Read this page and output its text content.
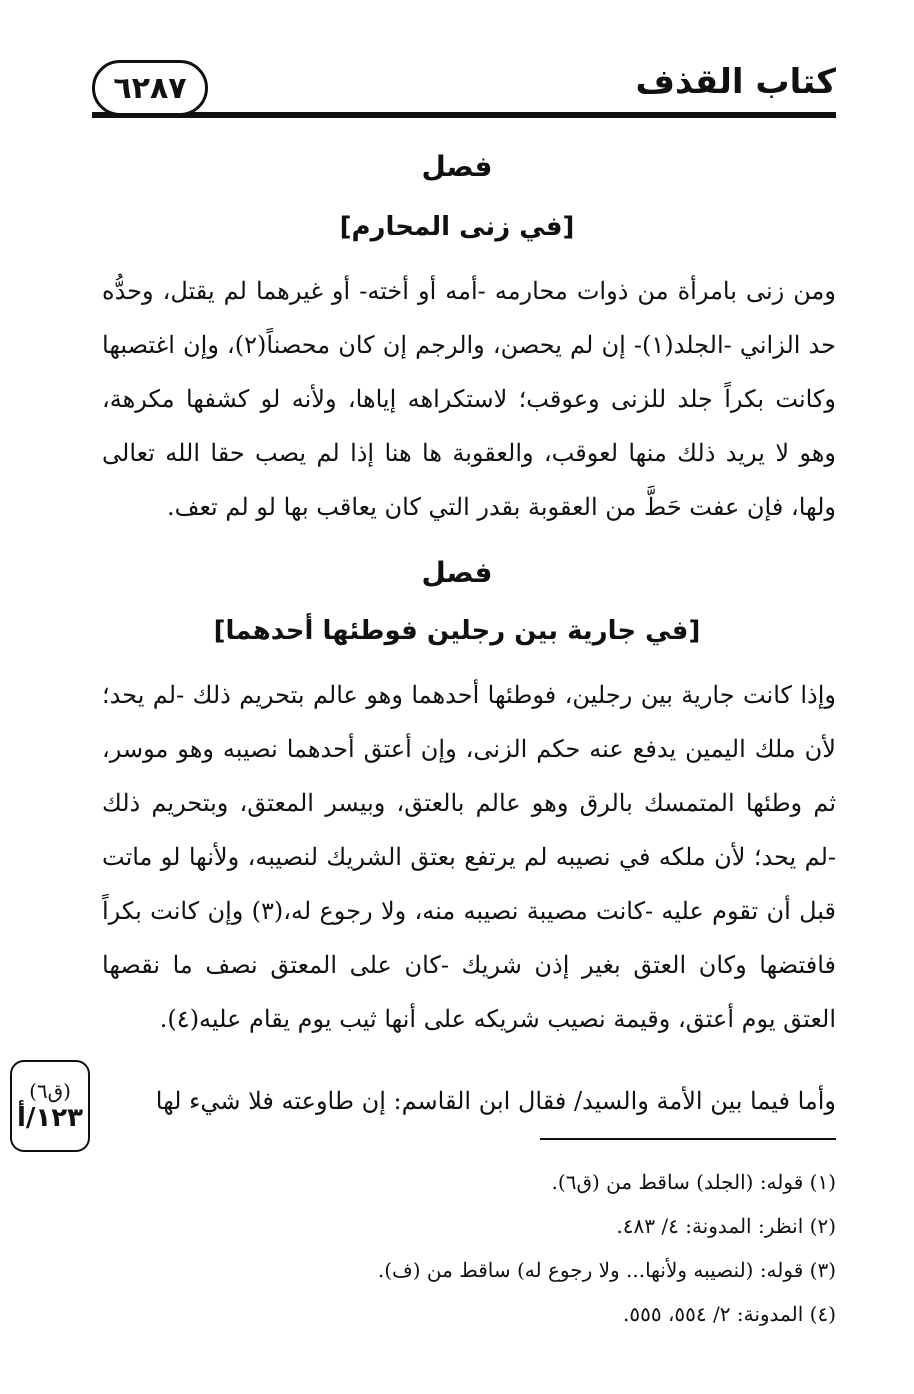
كتاب القذف
٦٢٨٧
فصل
[في زنى المحارم]
ومن زنى بامرأة من ذوات محارمه -أمه أو أخته- أو غيرهما لم يقتل، وحدُّه حد الزاني -الجلد(١)- إن لم يحصن، والرجم إن كان محصناً(٢)، وإن اغتصبها وكانت بكراً جلد للزنى وعوقب؛ لاستكراهه إياها، ولأنه لو كشفها مكرهة، وهو لا يريد ذلك منها لعوقب، والعقوبة ها هنا إذا لم يصب حقا الله تعالى ولها، فإن عفت حَطَّ من العقوبة بقدر التي كان يعاقب بها لو لم تعف.
فصل
[في جارية بين رجلين فوطئها أحدهما]
وإذا كانت جارية بين رجلين، فوطئها أحدهما وهو عالم بتحريم ذلك -لم يحد؛ لأن ملك اليمين يدفع عنه حكم الزنى، وإن أعتق أحدهما نصيبه وهو موسر، ثم وطئها المتمسك بالرق وهو عالم بالعتق، وبيسر المعتق، وبتحريم ذلك -لم يحد؛ لأن ملكه في نصيبه لم يرتفع بعتق الشريك لنصيبه، ولأنها لو ماتت قبل أن تقوم عليه -كانت مصيبة نصيبه منه، ولا رجوع له،(٣) وإن كانت بكراً فافتضها وكان العتق بغير إذن شريك -كان على المعتق نصف ما نقصها العتق يوم أعتق، وقيمة نصيب شريكه على أنها ثيب يوم يقام عليه(٤).
وأما فيما بين الأمة والسيد/ فقال ابن القاسم: إن طاوعته فلا شيء لها
(ق٦)
١٢٣/أ
(١) قوله: (الجلد) ساقط من (ق٦).
(٢) انظر: المدونة: ٤/ ٤٨٣.
(٣) قوله: (لنصيبه ولأنها... ولا رجوع له) ساقط من (ف).
(٤) المدونة: ٢/ ٥٥٤، ٥٥٥.
